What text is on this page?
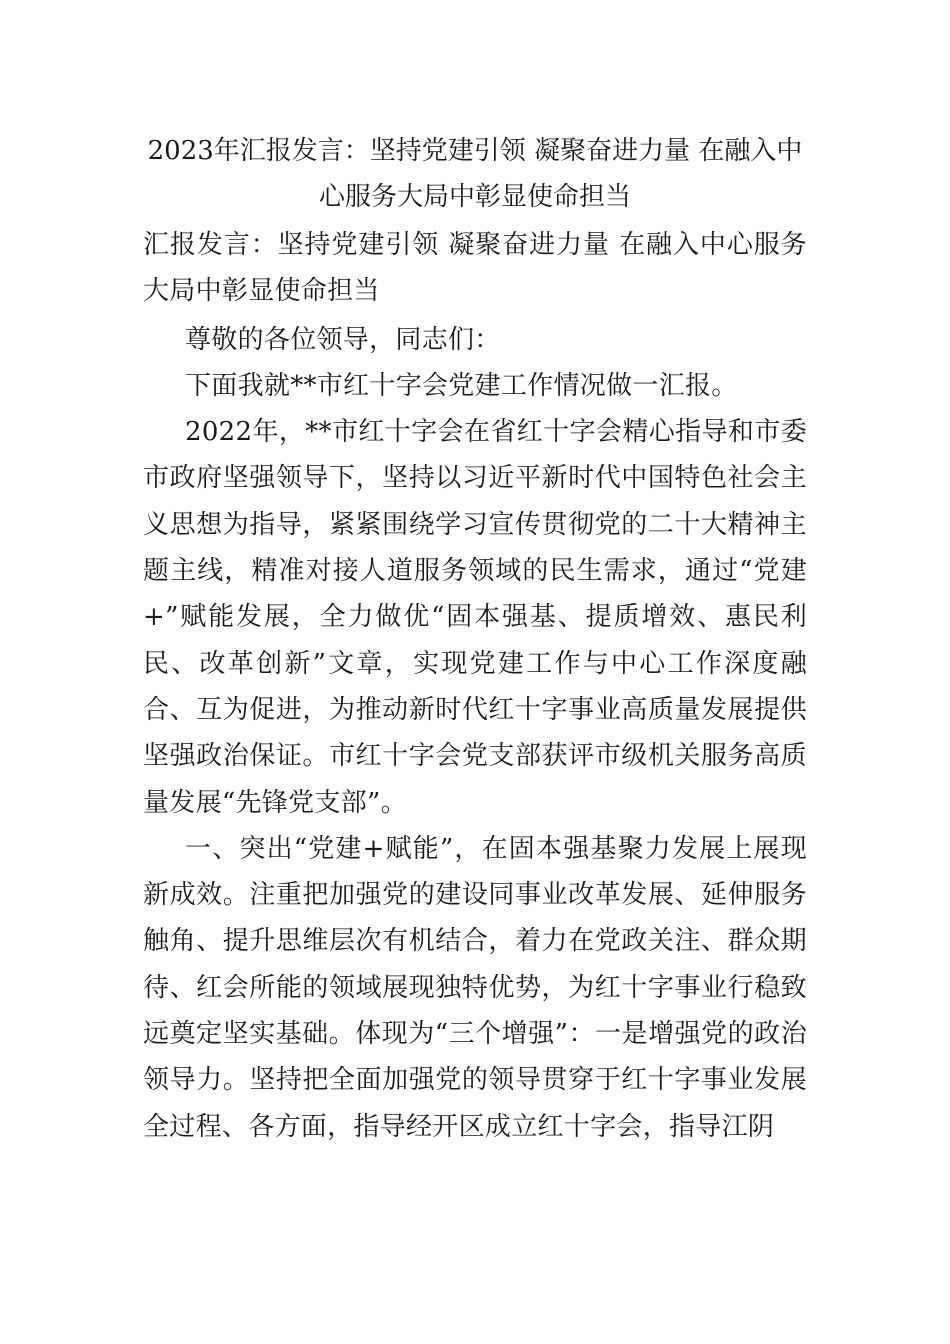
2023年汇报发言：坚持党建引领 凝聚奋进力量 在融入中心服务大局中彰显使命担当

汇报发言：坚持党建引领 凝聚奋进力量 在融入中心服务大局中彰显使命担当

尊敬的各位领导，同志们：

下面我就**市红十字会党建工作情况做一汇报。

2022年，**市红十字会在省红十字会精心指导和市委市政府坚强领导下，坚持以习近平新时代中国特色社会主义思想为指导，紧紧围绕学习宣传贯彻党的二十大精神主题主线，精准对接人道服务领域的民生需求，通过“党建+”赋能发展，全力做优“固本强基、提质增效、惠民利民、改革创新”文章，实现党建工作与中心工作深度融合、互为促进，为推动新时代红十字事业高质量发展提供坚强政治保证。市红十字会党支部获评市级机关服务高质量发展“先锋党支部”。

一、突出“党建+赋能”，在固本强基聚力发展上展现新成效。注重把加强党的建设同事业改革发展、延伸服务触角、提升思维层次有机结合，着力在党政关注、群众期待、红会所能的领域展现独特优势，为红十字事业行稳致远奠定坚实基础。体现为“三个增强”：一是增强党的政治领导力。坚持把全面加强党的领导贯穿于红十字事业发展全过程、各方面，指导经开区成立红十字会，指导江阴
